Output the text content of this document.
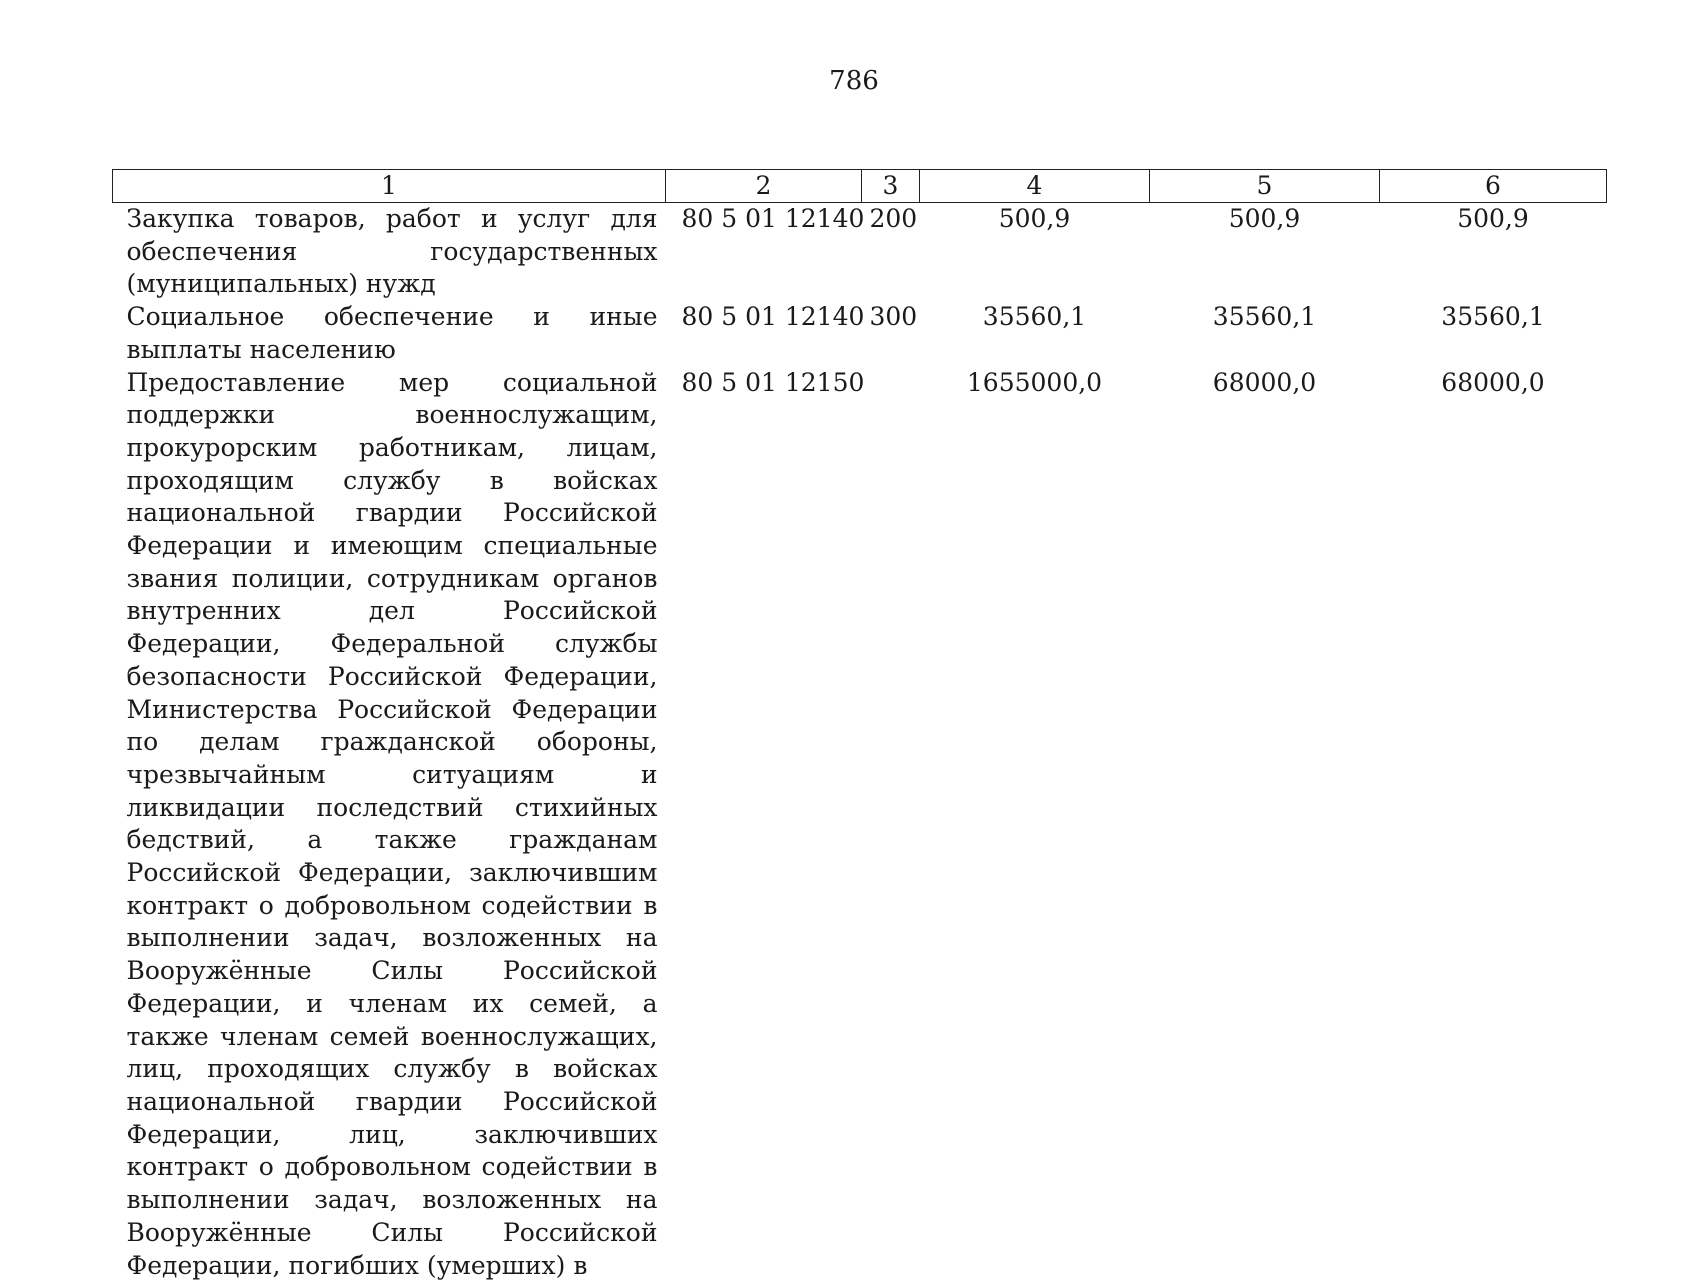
786
1	2	3	4	5	6
Закупка товаров, работ и услуг для обеспечения государственных (муниципальных) нужд	80 5 01 12140	200	500,9	500,9	500,9
Социальное обеспечение и иные выплаты населению	80 5 01 12140	300	35560,1	35560,1	35560,1
Предоставление мер социальной поддержки военнослужащим, прокурорским работникам, лицам, проходящим службу в войсках национальной гвардии Российской Федерации и имеющим специальные звания полиции, сотрудникам органов внутренних дел Российской Федерации, Федеральной службы безопасности Российской Федерации, Министерства Российской Федерации по делам гражданской обороны, чрезвычайным ситуациям и ликвидации последствий стихийных бедствий, а также гражданам Российской Федерации, заключившим контракт о добровольном содействии в выполнении задач, возложенных на Вооружённые Силы Российской Федерации, и членам их семей, а также членам семей военнослужащих, лиц, проходящих службу в войсках национальной гвардии Российской Федерации, лиц, заключивших контракт о добровольном содействии в выполнении задач, возложенных на Вооружённые Силы Российской Федерации, погибших (умерших) в	80 5 01 12150		1655000,0	68000,0	68000,0
